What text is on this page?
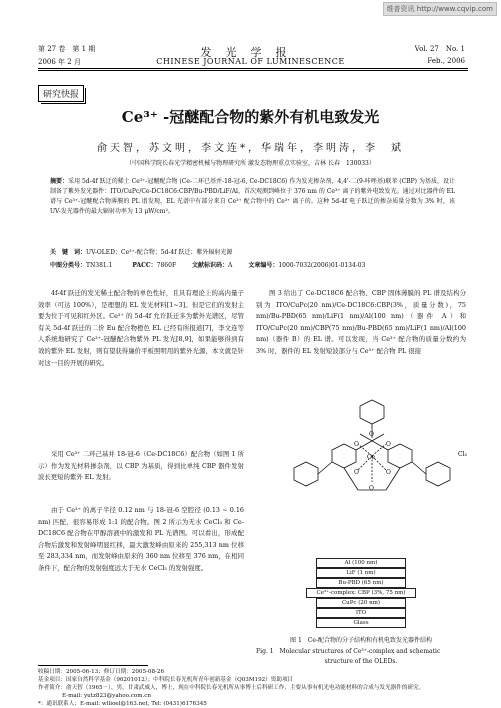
维普资讯 http://www.cqvip.com
第 27 卷　第 1 期
2006 年 2 月
发光学报
CHINESE JOURNAL OF LUMINESCENCE
Vol. 27　No. 1
Feb., 2006
研究快报
Ce³⁺ -冠醚配合物的紫外有机电致发光
俞天智，苏文明，李文连*，华瑞年，李明涛，李　斌
（中国科学院长春光学精密机械与物理研究所 激发态物理重点实验室，吉林 长春　130033）
摘要：采用 5d-4f 跃迁的稀土 Ce³⁺-冠醚配合物 (Ce-二环已基并-18-冠-6, Ce-DC18C6) 作为发光掺杂剂，4,4'-二(9-咔唑基)联苯 (CBP) 为基质，设计制备了紫外发光器件：ITO/CuPc/Ce-DC18C6:CBP/Bu-PBD/LiF/Al，首次观测到峰位于 376 nm 的 Ce³⁺ 离子的紫外电致发光。通过对比器件的 EL 谱与 Ce³⁺-冠醚配合物薄膜的 PL 谱发现，EL 光谱中有部分来自 Ce³⁺ 配合物中的 Ce³⁺ 离子的。这种 5d-4f 电子跃迁的掺杂质量分数为 3% 时，该 UV-发光器件的最大辐射功率为 13 μW/cm²。
关　键　词：UV-OLED；Ce³⁺-配合物；5d-4f 跃迁；紫外辐射光源
中图分类号：TN381.1	PACC：7860F	文献标识码：A	文章编号：1000-7032(2006)01-0134-03
4f-4f 跃迁的发光稀土配合物的单色性好，且具有理论上的高内量子效率（可达 100%），是理想的 EL 发光材料[1~3]。但是它们的发射主要为位于可见和红外区。Ce³⁺ 的 5d-4f 允许跃迁多为紫外光谱区，尽管有关 5d-4f 跃迁的二价 Eu 配合物橙色 EL 已经有所报道[7]，李文连等人系统地研究了 Ce³⁺-冠醚配合物紫外 PL 发光[8,9]，如果能够得到有效的紫外 EL 发射，则有望获得廉价平板照明用的紫外光源，本文就是针对这一目的开展的研究。
采用 Ce³⁺ 二环己基并 18-冠-6（Ce-DC18C6）配合物（如图 1 所示）作为发光材料掺杂剂，以 CBP 为基质，得到比单纯 CBP 器件发射波长更短的紫外 EL 发射。
由于 Ce³⁺ 的离子半径 0.12 nm 与 18-冠-6 空腔径 (0.13 ~ 0.16 nm) 匹配，很容易形成 1:1 的配合物。图 2 所示为无水 CeCl₃ 和 Ce-DC18C6 配合物在甲醇溶液中的激发和 PL 光谱图。可以看出，形成配合物后激发和发射峰明显红移，最大激发峰由原来的 255,313 nm 位移至 283,334 nm，而发射峰由原来的 360 nm 位移至 376 nm，在相同条件下，配合物的发射强度远大于无水 CeCl₃ 的发射强度。
图 3 给出了 Ce-DC18C6 配合物、CBP 固体薄膜的 PL 谱及结构分别为 ITO/CuPc(20 nm)/Ce-DC18C6:CBP(3%，质量分数)，75 nm)/Bu-PBD(65 nm)/LiF(1 nm)/Al(100 nm)（器件 A）和 ITO/CuPc(20 nm)/CBP(75 nm)/Bu-PBD(65 nm)/LiF(1 nm)/Al(100 nm)（器件 B）的 EL 谱。可以发现，当 Ce³⁺ 配合物的质量分数约为 3% 时，器件的 EL 发射短波部分与 Ce³⁺ 配合物 PL 很接
O
O	O
O	O
O
Ce	Cl₃
Al (100 nm)
LiF (1 nm)
Bu-PBD (65 nm)
Ce³⁺-complex: CBP (3%, 75 nm)
CuPc (20 nm)
ITO
Glass
图 1　Ce-配合物的分子结构和有机电致发光器件结构
Fig. 1　Molecular structures of Ce³⁺-complex and schematic
structure of the OLEDs.
收稿日期：2005-06-13；修订日期：2005-08-26
基金项目：国家自然科学基金（90201012）；中科院长春光机所青年创新基金（Q03M192）资助项目
作者简介：俞天智（1965－），男，甘肃武威人，博士，现在中科院长春光机所从事博士后科研工作，主要从事有机光电功能材料的合成与发光器件的研究。
E-mail: yutz823@yahoo.com.cn
*：通讯联系人；E-mail: wllioel@163.net, Tel: (0431)6176345
